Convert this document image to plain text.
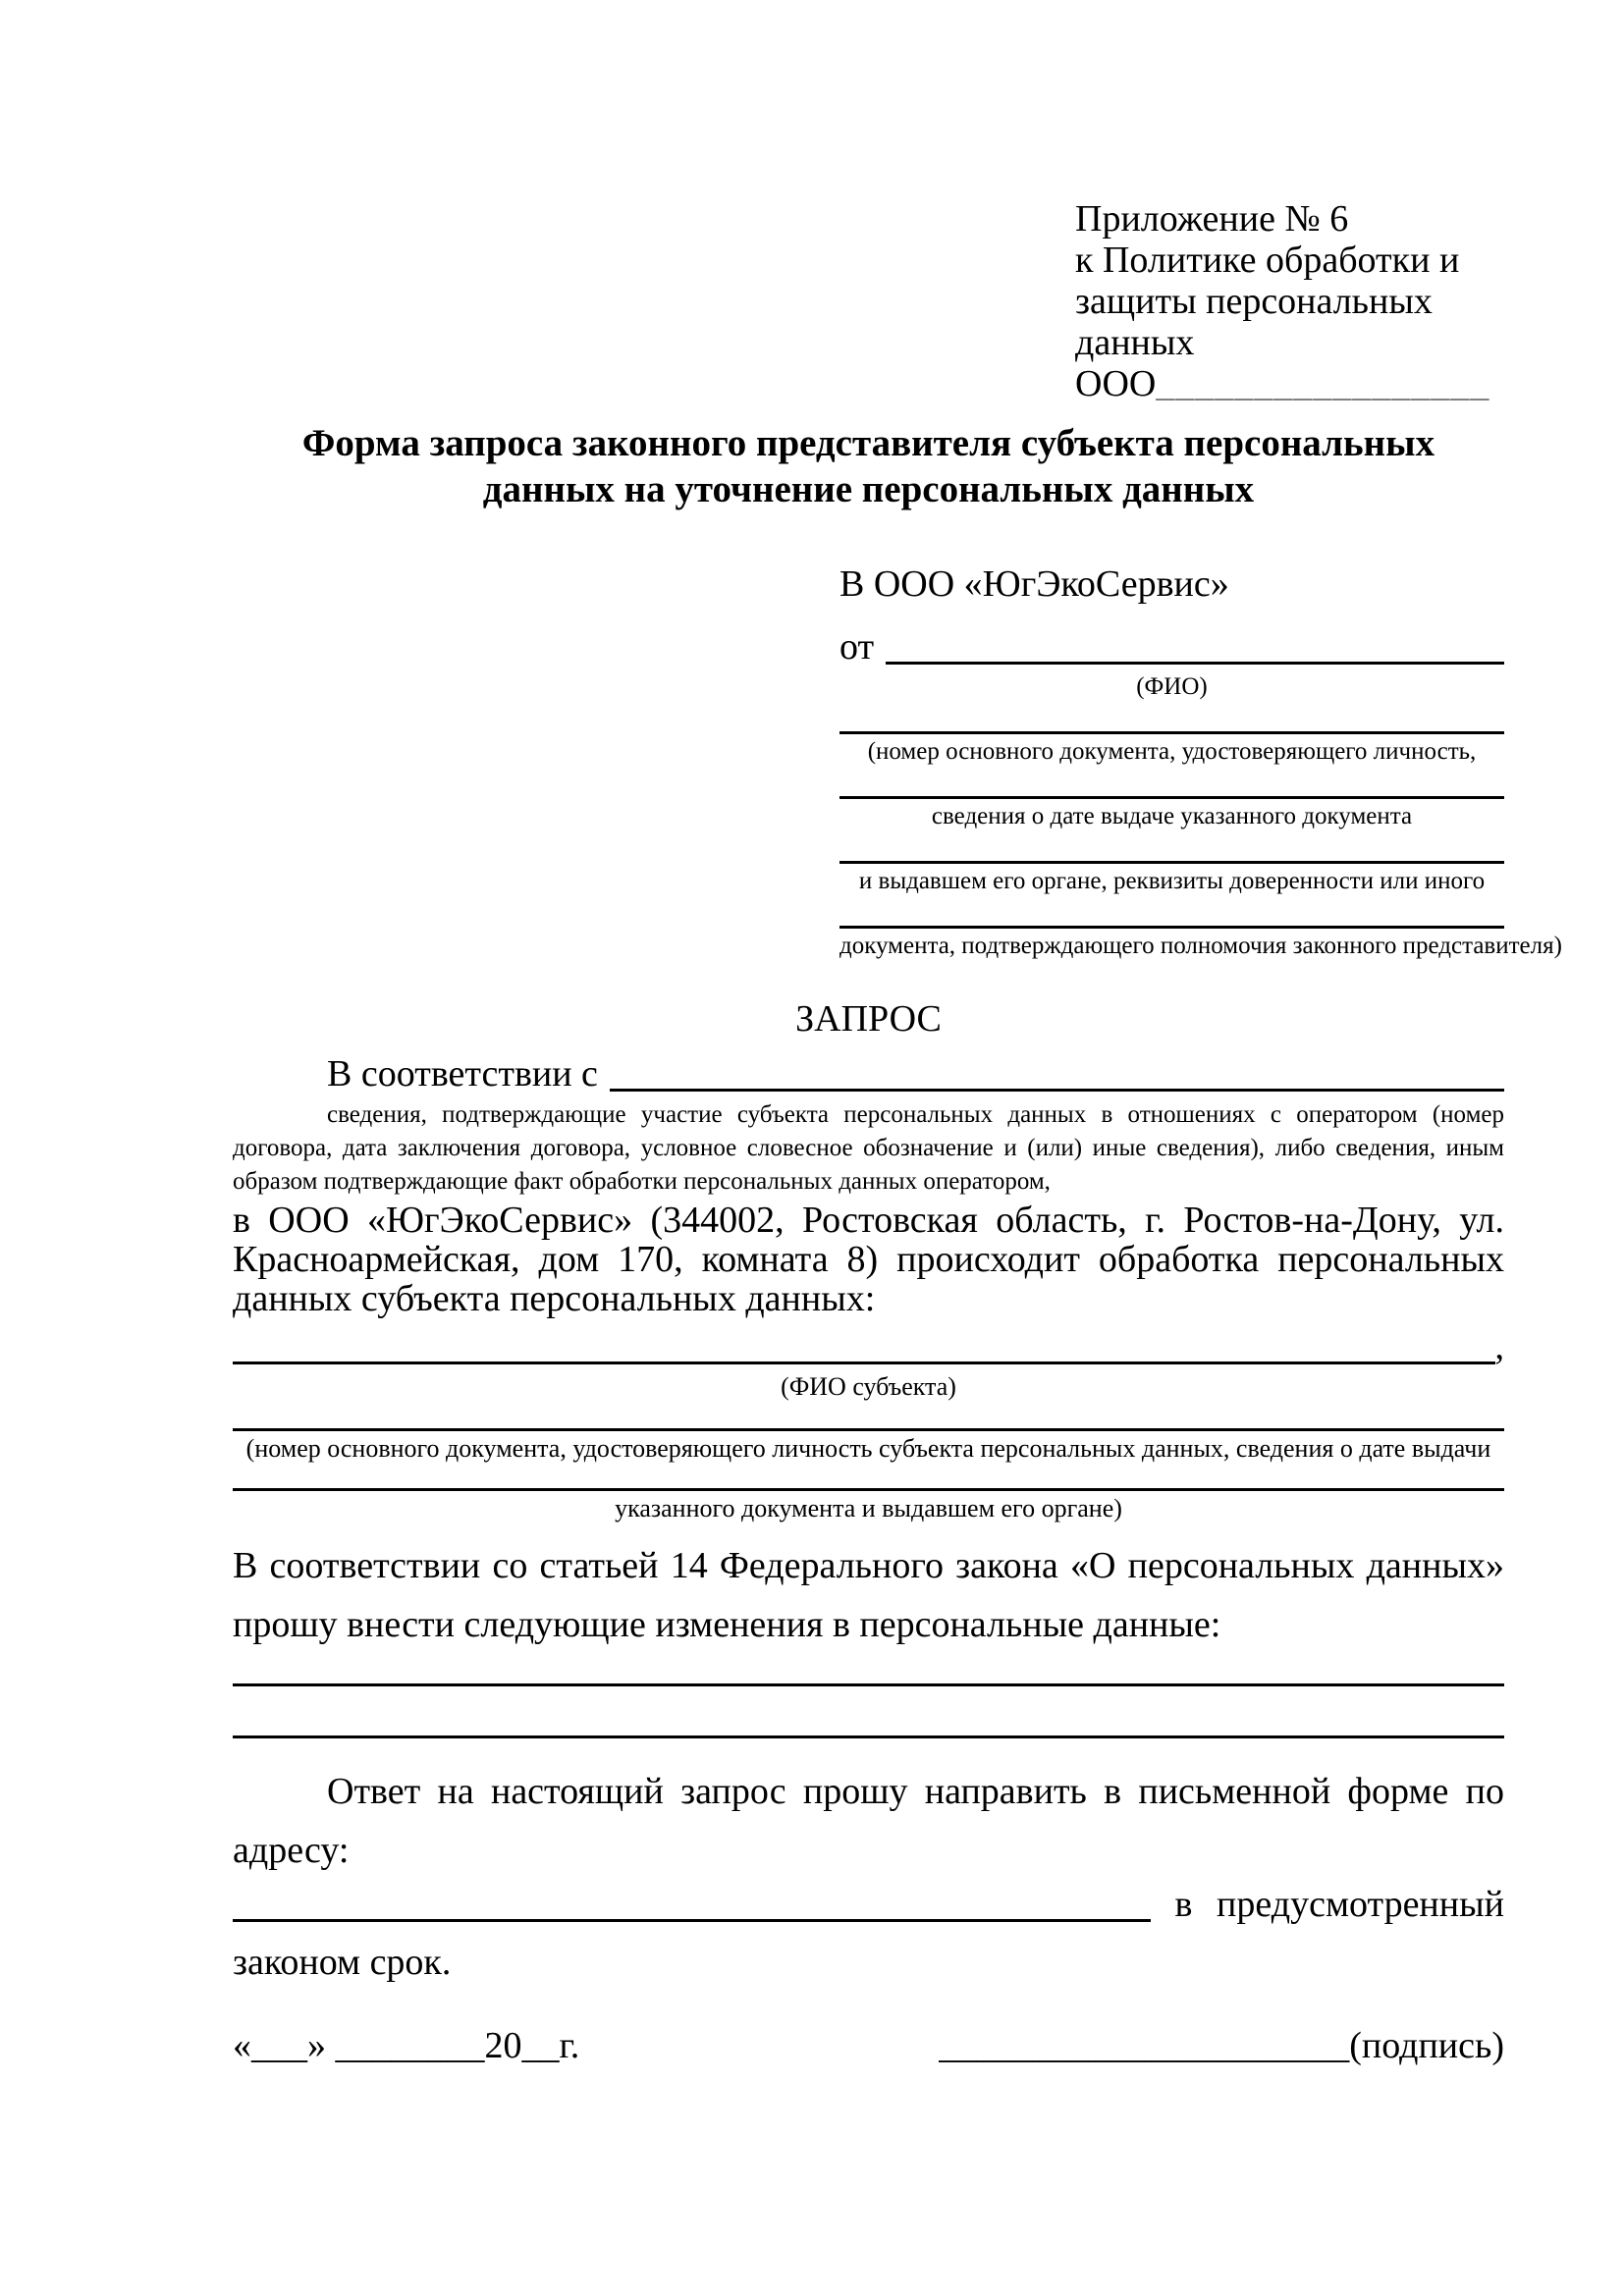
Приложение № 6
к Политике обработки и
защиты персональных данных
ООО_________________
Форма запроса законного представителя субъекта персональных
данных на уточнение персональных данных
В ООО «ЮгЭкоСервис»
от
(ФИО)
(номер основного документа, удостоверяющего личность,
сведения о дате выдаче указанного документа
и выдавшем его органе, реквизиты доверенности или иного
документа, подтверждающего полномочия законного представителя)
ЗАПРОС
В соответствии с

сведения, подтверждающие участие субъекта персональных данных в отношениях с оператором (номер договора, дата заключения договора, условное словесное обозначение и (или) иные сведения), либо сведения, иным образом подтверждающие факт обработки персональных данных оператором,

в ООО «ЮгЭкоСервис» (344002, Ростовская область, г. Ростов-на-Дону, ул. Красноармейская, дом 170, комната 8) происходит обработка персональных данных субъекта персональных данных:

,
(ФИО субъекта)
(номер основного документа, удостоверяющего личность субъекта персональных данных, сведения о дате выдачи
указанного документа и выдавшем его органе)

В соответствии со статьей 14 Федерального закона «О персональных данных» прошу внести следующие изменения в персональные данные:

Ответ на настоящий запрос прошу направить в письменной форме по адресу:

в предусмотренный

законом срок.

«___» ________20__г.	______________________(подпись)
